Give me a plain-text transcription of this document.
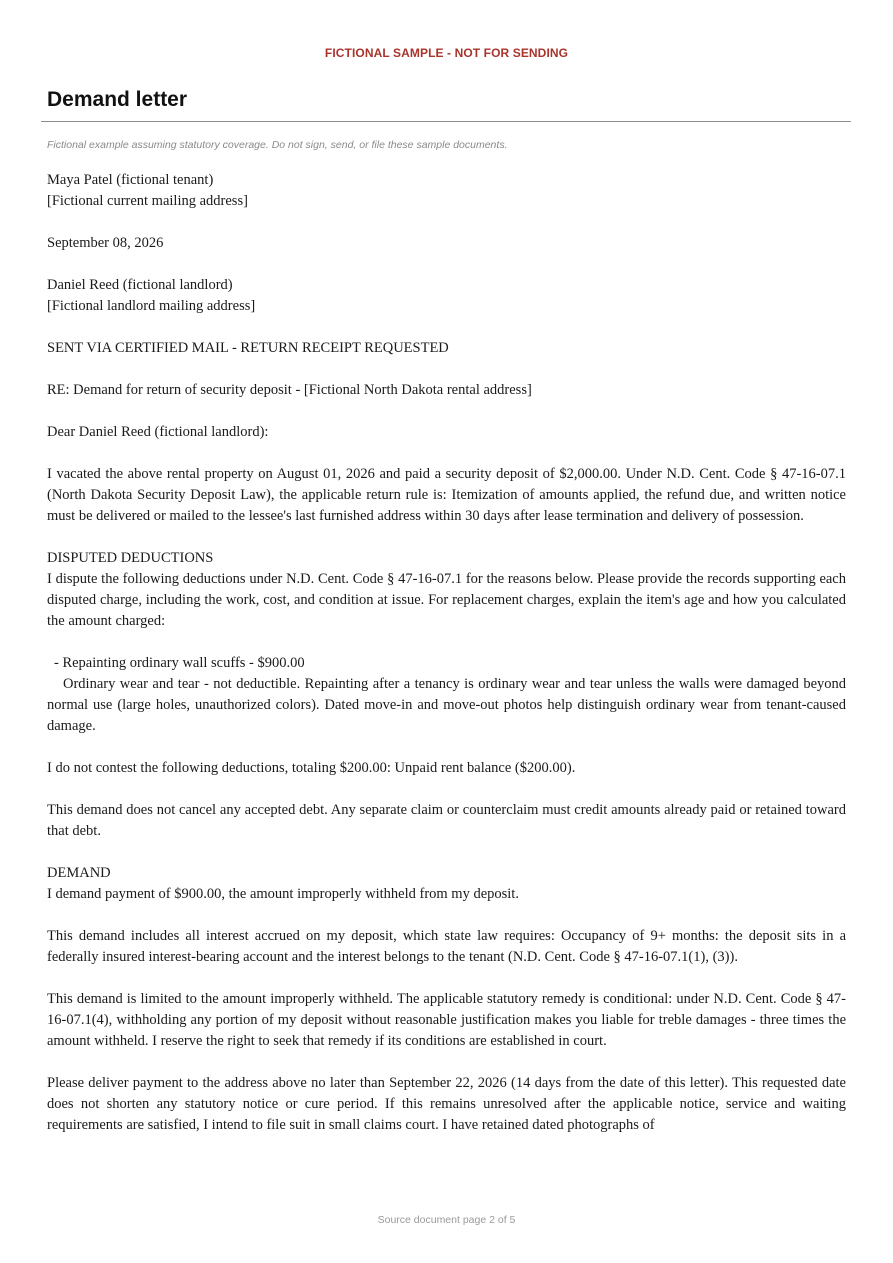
FICTIONAL SAMPLE - NOT FOR SENDING
Demand letter
Fictional example assuming statutory coverage. Do not sign, send, or file these sample documents.

Maya Patel (fictional tenant)
[Fictional current mailing address]

September 08, 2026

Daniel Reed (fictional landlord)
[Fictional landlord mailing address]

SENT VIA CERTIFIED MAIL - RETURN RECEIPT REQUESTED

RE: Demand for return of security deposit - [Fictional North Dakota rental address]

Dear Daniel Reed (fictional landlord):

I vacated the above rental property on August 01, 2026 and paid a security deposit of $2,000.00. Under N.D. Cent. Code § 47-16-07.1 (North Dakota Security Deposit Law), the applicable return rule is: Itemization of amounts applied, the refund due, and written notice must be delivered or mailed to the lessee's last furnished address within 30 days after lease termination and delivery of possession.

DISPUTED DEDUCTIONS

I dispute the following deductions under N.D. Cent. Code § 47-16-07.1 for the reasons below. Please provide the records supporting each disputed charge, including the work, cost, and condition at issue. For replacement charges, explain the item's age and how you calculated the amount charged:

- Repainting ordinary wall scuffs - $900.00

Ordinary wear and tear - not deductible. Repainting after a tenancy is ordinary wear and tear unless the walls were damaged beyond normal use (large holes, unauthorized colors). Dated move-in and move-out photos help distinguish ordinary wear from tenant-caused damage.

I do not contest the following deductions, totaling $200.00: Unpaid rent balance ($200.00).

This demand does not cancel any accepted debt. Any separate claim or counterclaim must credit amounts already paid or retained toward that debt.

DEMAND

I demand payment of $900.00, the amount improperly withheld from my deposit.

This demand includes all interest accrued on my deposit, which state law requires: Occupancy of 9+ months: the deposit sits in a federally insured interest-bearing account and the interest belongs to the tenant (N.D. Cent. Code § 47-16-07.1(1), (3)).

This demand is limited to the amount improperly withheld. The applicable statutory remedy is conditional: under N.D. Cent. Code § 47-16-07.1(4), withholding any portion of my deposit without reasonable justification makes you liable for treble damages - three times the amount withheld. I reserve the right to seek that remedy if its conditions are established in court.

Please deliver payment to the address above no later than September 22, 2026 (14 days from the date of this letter). This requested date does not shorten any statutory notice or cure period. If this remains unresolved after the applicable notice, service and waiting requirements are satisfied, I intend to file suit in small claims court. I have retained dated photographs of

Source document page 2 of 5
